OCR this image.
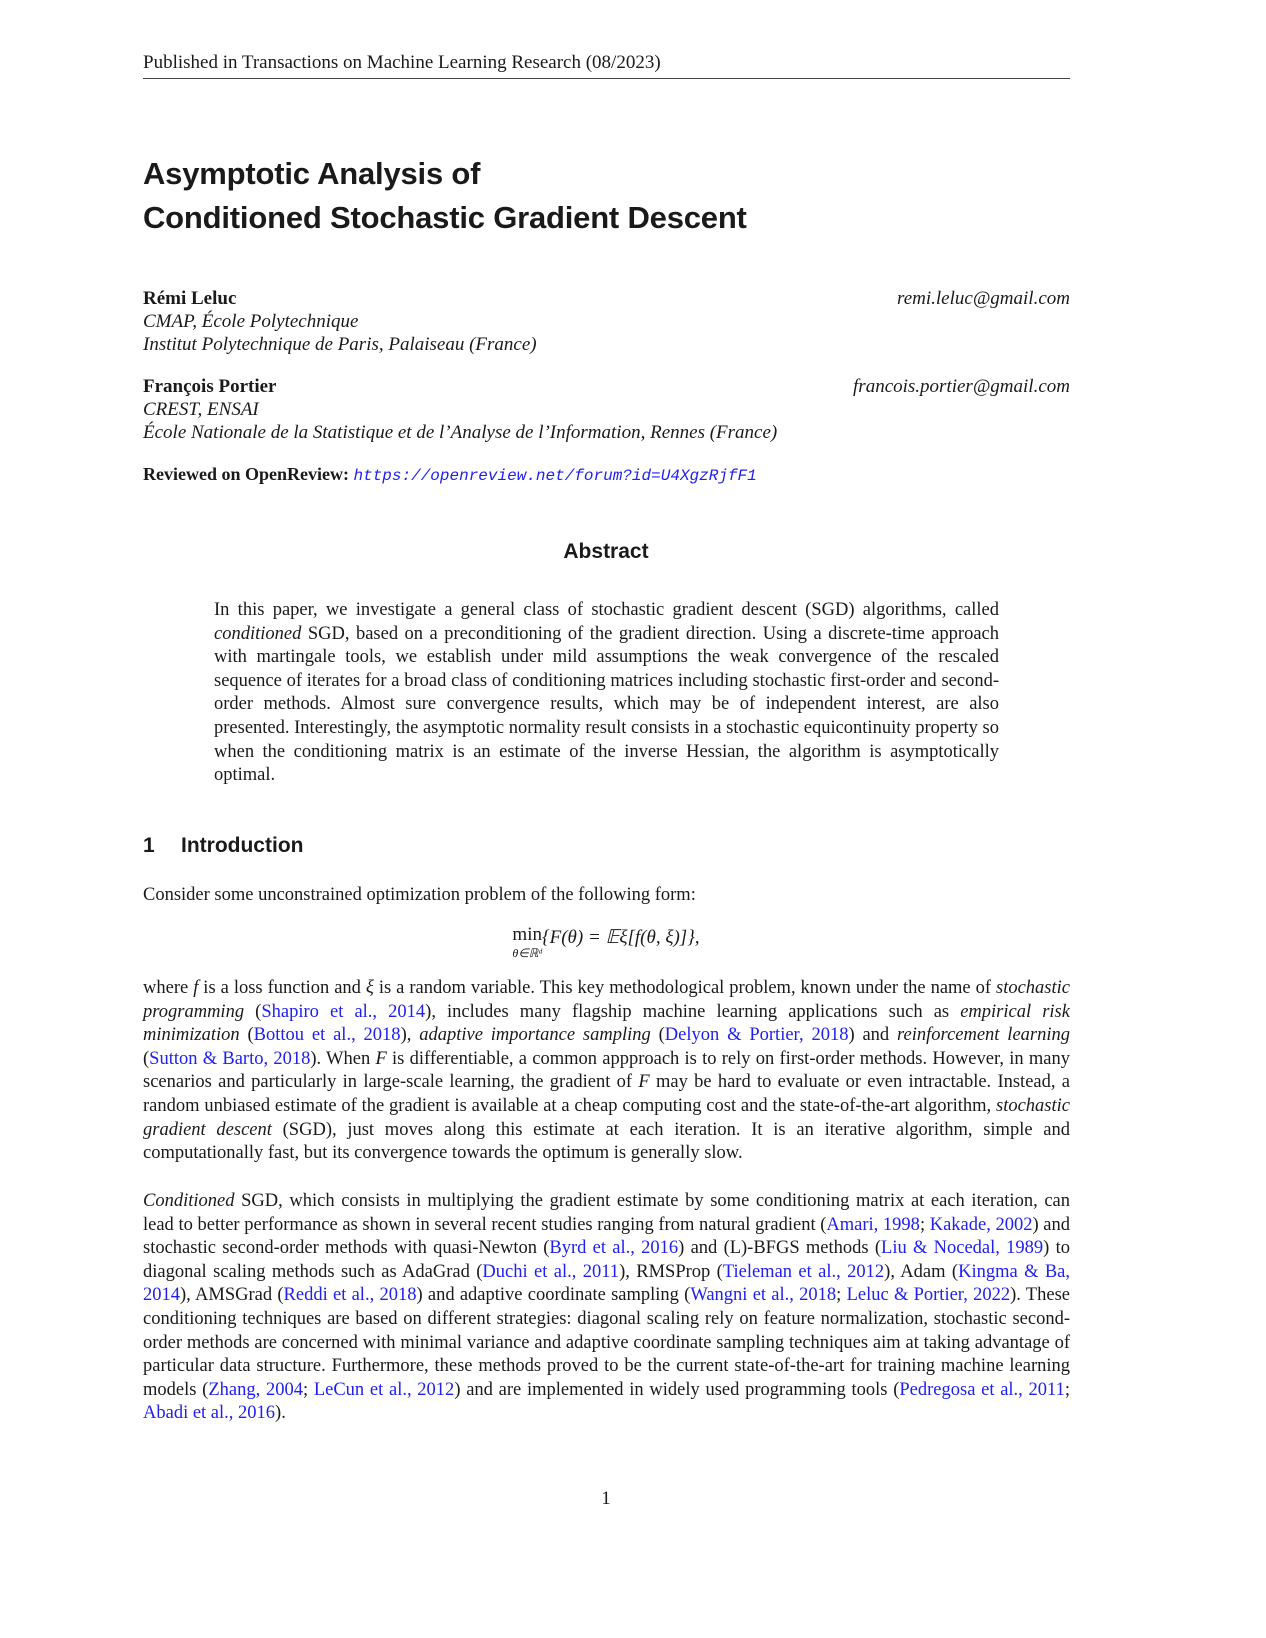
Published in Transactions on Machine Learning Research (08/2023)
Asymptotic Analysis of
Conditioned Stochastic Gradient Descent
Rémi Leluc	remi.leluc@gmail.com
CMAP, École Polytechnique
Institut Polytechnique de Paris, Palaiseau (France)
François Portier	francois.portier@gmail.com
CREST, ENSAI
École Nationale de la Statistique et de l’Analyse de l’Information, Rennes (France)
Reviewed on OpenReview: https://openreview.net/forum?id=U4XgzRjfF1
Abstract
In this paper, we investigate a general class of stochastic gradient descent (SGD) algorithms, called conditioned SGD, based on a preconditioning of the gradient direction. Using a discrete-time approach with martingale tools, we establish under mild assumptions the weak convergence of the rescaled sequence of iterates for a broad class of conditioning matrices including stochastic first-order and second-order methods. Almost sure convergence results, which may be of independent interest, are also presented. Interestingly, the asymptotic normality result consists in a stochastic equicontinuity property so when the conditioning matrix is an estimate of the inverse Hessian, the algorithm is asymptotically optimal.
1 Introduction
Consider some unconstrained optimization problem of the following form:
min
θ∈ℝᵈ
{F(θ) = 𝔼ξ[f(θ, ξ)]},
where f is a loss function and ξ is a random variable. This key methodological problem, known under the name of stochastic programming (Shapiro et al., 2014), includes many flagship machine learning applications such as empirical risk minimization (Bottou et al., 2018), adaptive importance sampling (Delyon & Portier, 2018) and reinforcement learning (Sutton & Barto, 2018). When F is differentiable, a common appproach is to rely on first-order methods. However, in many scenarios and particularly in large-scale learning, the gradient of F may be hard to evaluate or even intractable. Instead, a random unbiased estimate of the gradient is available at a cheap computing cost and the state-of-the-art algorithm, stochastic gradient descent (SGD), just moves along this estimate at each iteration. It is an iterative algorithm, simple and computationally fast, but its convergence towards the optimum is generally slow.
Conditioned SGD, which consists in multiplying the gradient estimate by some conditioning matrix at each iteration, can lead to better performance as shown in several recent studies ranging from natural gradient (Amari, 1998; Kakade, 2002) and stochastic second-order methods with quasi-Newton (Byrd et al., 2016) and (L)-BFGS methods (Liu & Nocedal, 1989) to diagonal scaling methods such as AdaGrad (Duchi et al., 2011), RMSProp (Tieleman et al., 2012), Adam (Kingma & Ba, 2014), AMSGrad (Reddi et al., 2018) and adaptive coordinate sampling (Wangni et al., 2018; Leluc & Portier, 2022). These conditioning techniques are based on different strategies: diagonal scaling rely on feature normalization, stochastic second-order methods are concerned with minimal variance and adaptive coordinate sampling techniques aim at taking advantage of particular data structure. Furthermore, these methods proved to be the current state-of-the-art for training machine learning models (Zhang, 2004; LeCun et al., 2012) and are implemented in widely used programming tools (Pedregosa et al., 2011; Abadi et al., 2016).
1
